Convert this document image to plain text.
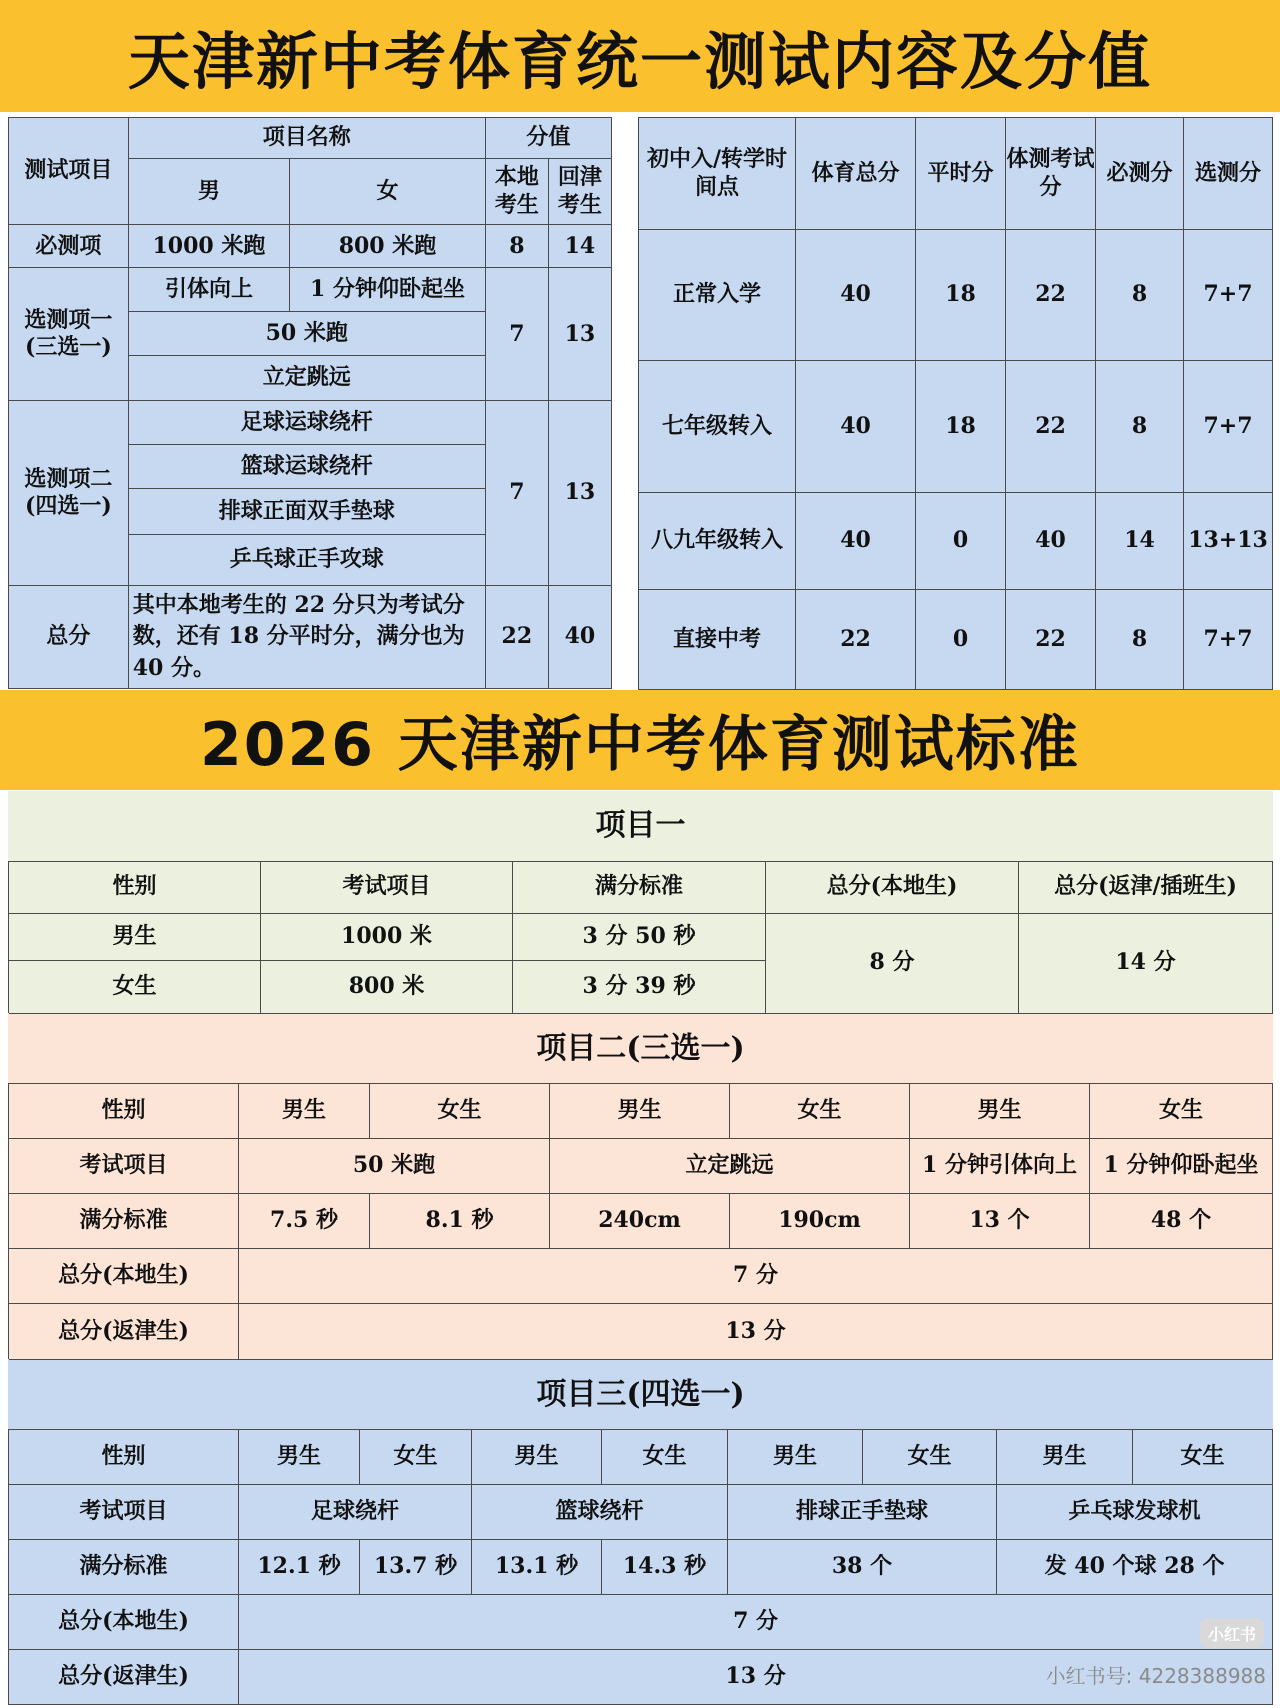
天津新中考体育统一测试内容及分值
测试项目	项目名称		分值	
	男	女	本地考生	回津考生
必测项	1000 米跑	800 米跑	8	14
选测项一(三选一)	引体向上	1 分钟仰卧起坐	7	13
	50 米跑			
	立定跳远			
选测项二(四选一)	足球运球绕杆		7	13
	篮球运球绕杆			
	排球正面双手垫球			
	乒乓球正手攻球			
总分	其中本地考生的 22 分只为考试分数，还有 18 分平时分，满分也为 40 分。		22	40
初中入/转学时间点	体育总分	平时分	体测考试分	必测分	选测分
正常入学	40	18	22	8	7+7
七年级转入	40	18	22	8	7+7
八九年级转入	40	0	40	14	13+13
直接中考	22	0	22	8	7+7
2026 天津新中考体育测试标准
项目一				
性别	考试项目	满分标准	总分(本地生)	总分(返津/插班生)
男生	1000 米	3 分 50 秒	8 分	14 分
女生	800 米	3 分 39 秒		
项目二(三选一)						
性别	男生	女生	男生	女生	男生	女生
考试项目	50 米跑		立定跳远		1 分钟引体向上	1 分钟仰卧起坐
满分标准	7.5 秒	8.1 秒	240cm	190cm	13 个	48 个
总分(本地生)	7 分					
总分(返津生)	13 分					
项目三(四选一)								
性别	男生	女生	男生	女生	男生	女生	男生	女生
考试项目	足球绕杆		篮球绕杆		排球正手垫球		乒乓球发球机	
满分标准	12.1 秒	13.7 秒	13.1 秒	14.3 秒	38 个		发 40 个球 28 个	
总分(本地生)	7 分							
总分(返津生)	13 分							
小红书
小红书号: 4228388988
